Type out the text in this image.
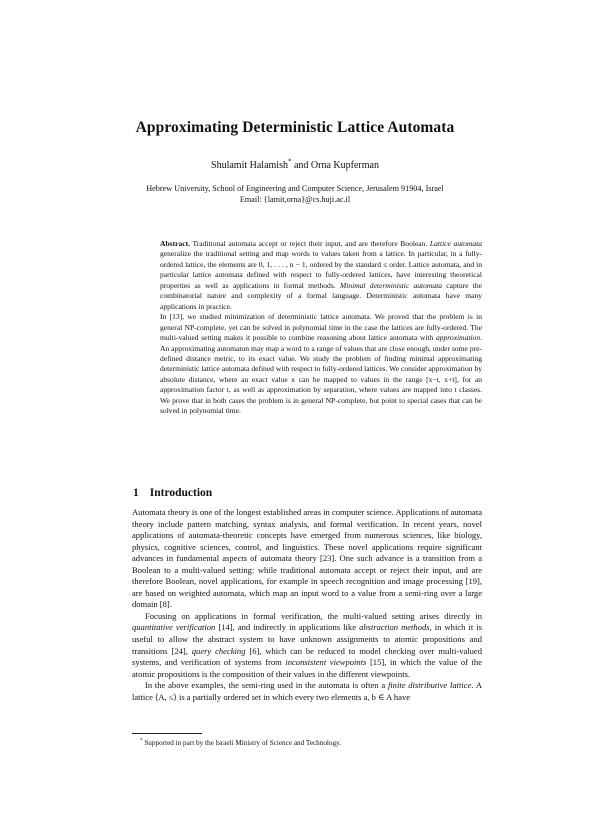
Approximating Deterministic Lattice Automata
Shulamit Halamish* and Orna Kupferman
Hebrew University, School of Engineering and Computer Science, Jerusalem 91904, Israel
Email: {lamit,orna}@cs.huji.ac.il

Abstract. Traditional automata accept or reject their input, and are therefore Boolean. Lattice automata generalize the traditional setting and map words to values taken from a lattice. In particular, in a fully-ordered lattice, the elements are 0, 1, . . . , n − 1, ordered by the standard ≤ order. Lattice automata, and in particular lattice automata defined with respect to fully-ordered lattices, have interesting theoretical properties as well as applications in formal methods. Minimal deterministic automata capture the combinatorial nature and complexity of a formal language. Deterministic automata have many applications in practice.

In [13], we studied minimization of deterministic lattice automata. We proved that the problem is in general NP-complete, yet can be solved in polynomial time in the case the lattices are fully-ordered. The multi-valued setting makes it possible to combine reasoning about lattice automata with approximation. An approximating automaton may map a word to a range of values that are close enough, under some pre-defined distance metric, to its exact value. We study the problem of finding minimal approximating deterministic lattice automata defined with respect to fully-ordered lattices. We consider approximation by absolute distance, where an exact value x can be mapped to values in the range [x−t, x+t], for an approximation factor t, as well as approximation by separation, where values are mapped into t classes. We prove that in both cases the problem is in general NP-complete, but point to special cases that can be solved in polynomial time.

1 Introduction

Automata theory is one of the longest established areas in computer science. Applications of automata theory include pattern matching, syntax analysis, and formal verification. In recent years, novel applications of automata-theoretic concepts have emerged from numerous sciences, like biology, physics, cognitive sciences, control, and linguistics. These novel applications require significant advances in fundamental aspects of automata theory [23]. One such advance is a transition from a Boolean to a multi-valued setting: while traditional automata accept or reject their input, and are therefore Boolean, novel applications, for example in speech recognition and image processing [19], are based on weighted automata, which map an input word to a value from a semi-ring over a large domain [8].

Focusing on applications in formal verification, the multi-valued setting arises directly in quantitative verification [14], and indirectly in applications like abstraction methods, in which it is useful to allow the abstract system to have unknown assignments to atomic propositions and transitions [24], query checking [6], which can be reduced to model checking over multi-valued systems, and verification of systems from inconsistent viewpoints [15], in which the value of the atomic propositions is the composition of their values in the different viewpoints.

In the above examples, the semi-ring used in the automata is often a finite distributive lattice. A lattice ⟨A, ≤⟩ is a partially ordered set in which every two elements a, b ∈ A have

* Supported in part by the Israeli Ministry of Science and Technology.
